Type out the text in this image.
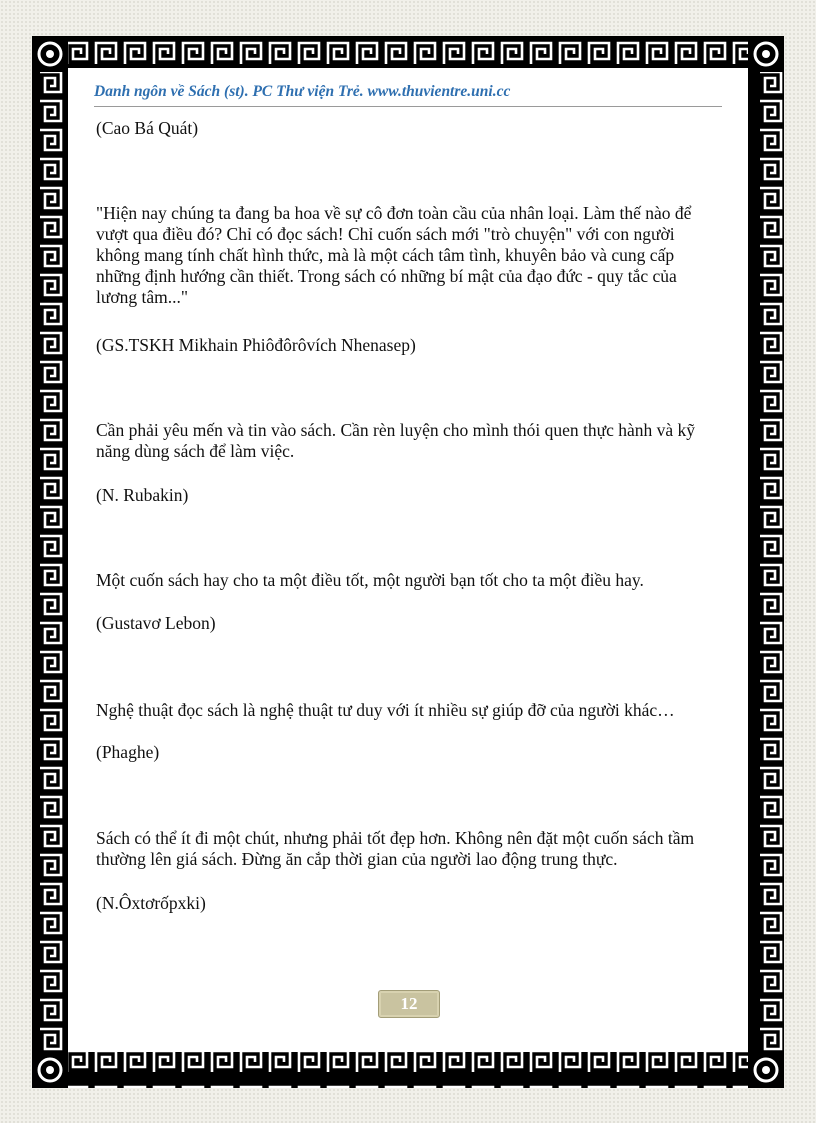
Danh ngôn về Sách (st). PC Thư viện Trẻ. www.thuvientre.uni.cc

(Cao Bá Quát)

"Hiện nay chúng ta đang ba hoa về sự cô đơn toàn cầu của nhân loại. Làm thế nào để vượt qua điều đó? Chỉ có đọc sách! Chỉ cuốn sách mới "trò chuyện" với con người không mang tính chất hình thức, mà là một cách tâm tình, khuyên bảo và cung cấp những định hướng cần thiết. Trong sách có những bí mật của đạo đức - quy tắc của lương tâm..."

(GS.TSKH Mikhain Phiôđôrôvích Nhenasep)

Cần phải yêu mến và tin vào sách. Cần rèn luyện cho mình thói quen thực hành và kỹ năng dùng sách để làm việc.

(N. Rubakin)

Một cuốn sách hay cho ta một điều tốt, một người bạn tốt cho ta một điều hay.

(Gustavơ Lebon)

Nghệ thuật đọc sách là nghệ thuật tư duy với ít nhiều sự giúp đỡ của người khác…

(Phaghe)

Sách có thể ít đi một chút, nhưng phải tốt đẹp hơn. Không nên đặt một cuốn sách tầm thường lên giá sách. Đừng ăn cắp thời gian của người lao động trung thực.

(N.Ôxtơrốpxki)

12
